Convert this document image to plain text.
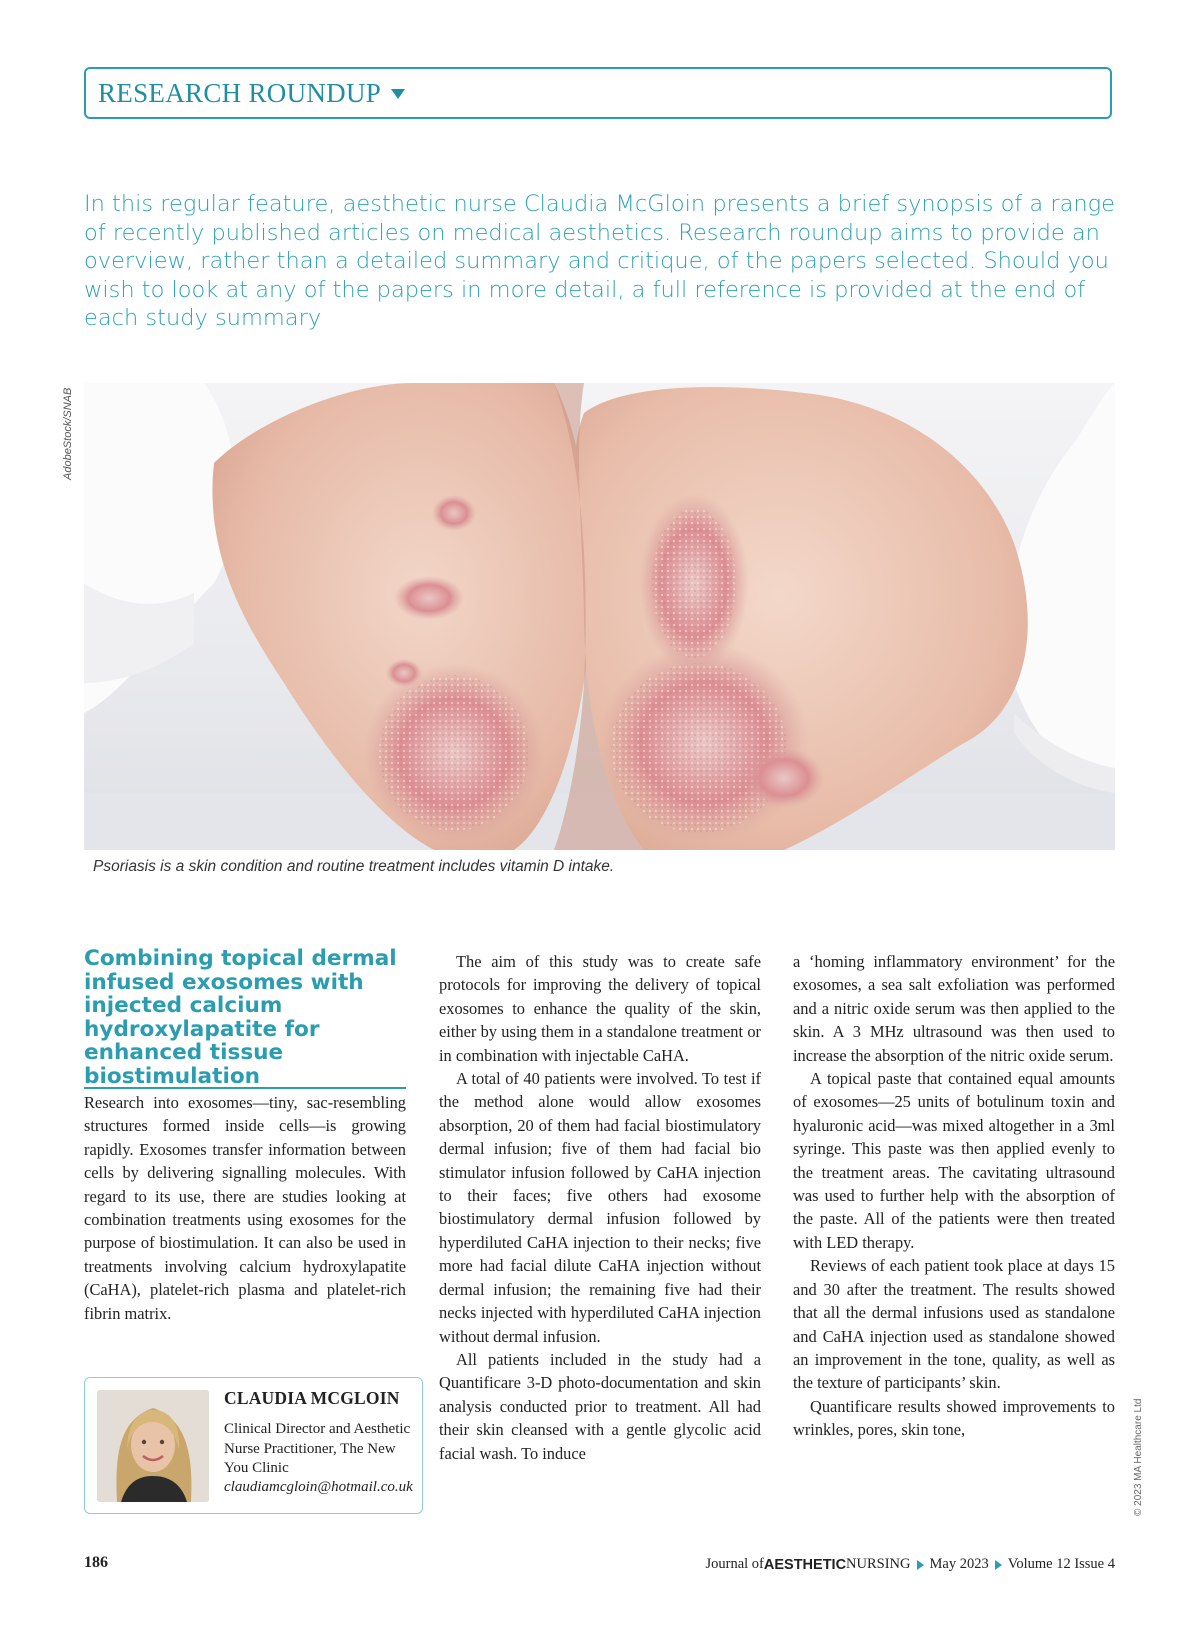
RESEARCH ROUNDUP
In this regular feature, aesthetic nurse Claudia McGloin presents a brief synopsis of a range of recently published articles on medical aesthetics. Research roundup aims to provide an overview, rather than a detailed summary and critique, of the papers selected. Should you wish to look at any of the papers in more detail, a full reference is provided at the end of each study summary
AdobeStock/SNAB
Psoriasis is a skin condition and routine treatment includes vitamin D intake.
Combining topical dermal infused exosomes with injected calcium hydroxylapatite for enhanced tissue biostimulation

Research into exosomes—tiny, sac-resembling structures formed inside cells—is growing rapidly. Exosomes transfer information between cells by delivering signalling molecules. With regard to its use, there are studies looking at combination treatments using exosomes for the purpose of biostimulation. It can also be used in treatments involving calcium hydroxylapatite (CaHA), platelet-rich plasma and platelet-rich fibrin matrix.

CLAUDIA MCGLOIN
Clinical Director and Aesthetic Nurse Practitioner, The New You Clinic
claudiamcgloin@hotmail.co.uk

The aim of this study was to create safe protocols for improving the delivery of topical exosomes to enhance the quality of the skin, either by using them in a standalone treatment or in combination with injectable CaHA.

A total of 40 patients were involved. To test if the method alone would allow exosomes absorption, 20 of them had facial biostimulatory dermal infusion; five of them had facial bio stimulator infusion followed by CaHA injection to their faces; five others had exosome biostimulatory dermal infusion followed by hyperdiluted CaHA injection to their necks; five more had facial dilute CaHA injection without dermal infusion; the remaining five had their necks injected with hyperdiluted CaHA injection without dermal infusion.

All patients included in the study had a Quantificare 3-D photo-documentation and skin analysis conducted prior to treatment. All had their skin cleansed with a gentle glycolic acid facial wash. To induce

a ‘homing inflammatory environment’ for the exosomes, a sea salt exfoliation was performed and a nitric oxide serum was then applied to the skin. A 3 MHz ultrasound was then used to increase the absorption of the nitric oxide serum.

A topical paste that contained equal amounts of exosomes—25 units of botulinum toxin and hyaluronic acid—was mixed altogether in a 3ml syringe. This paste was then applied evenly to the treatment areas. The cavitating ultrasound was used to further help with the absorption of the paste. All of the patients were then treated with LED therapy.

Reviews of each patient took place at days 15 and 30 after the treatment. The results showed that all the dermal infusions used as standalone and CaHA injection used as standalone showed an improvement in the tone, quality, as well as the texture of participants’ skin.

Quantificare results showed improvements to wrinkles, pores, skin tone,	© 2023 MA Healthcare Ltd
186	Journal of AESTHETIC NURSING May 2023 Volume 12 Issue 4
